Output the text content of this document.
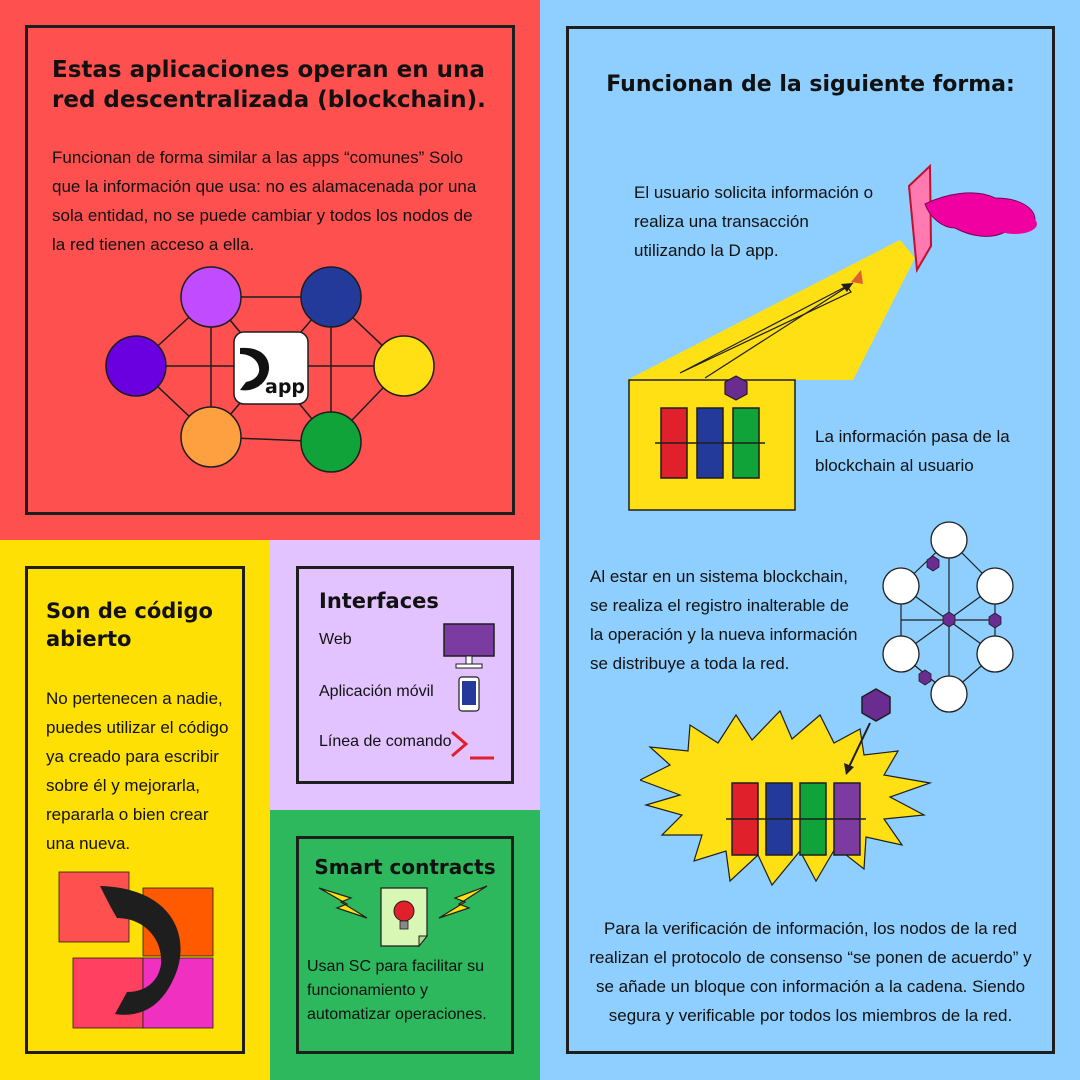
Estas aplicaciones operan en una red descentralizada (blockchain).
Funcionan de forma similar a las apps “comunes” Solo que la información que usa: no es alamacenada por una sola entidad, no se puede cambiar y todos los nodos de la red tienen acceso a ella.
app
Funcionan de la siguiente forma:
El usuario solicita información o realiza una transacción utilizando la D app.
La información pasa de la blockchain al usuario
Al estar en un sistema blockchain, se realiza el registro inalterable de la operación y la nueva información se distribuye a toda la red.
Para la verificación de información, los nodos de la red realizan el protocolo de consenso “se ponen de acuerdo” y se añade un bloque con información a la cadena. Siendo segura y verificable por todos los miembros de la red.
Son de código abierto
No pertenecen a nadie, puedes utilizar el código ya creado para escribir sobre él y mejorarla, repararla o bien crear una nueva.
Interfaces
Web
Aplicación móvil
Línea de comando
Smart contracts
Usan SC para facilitar su funcionamiento y automatizar operaciones.
